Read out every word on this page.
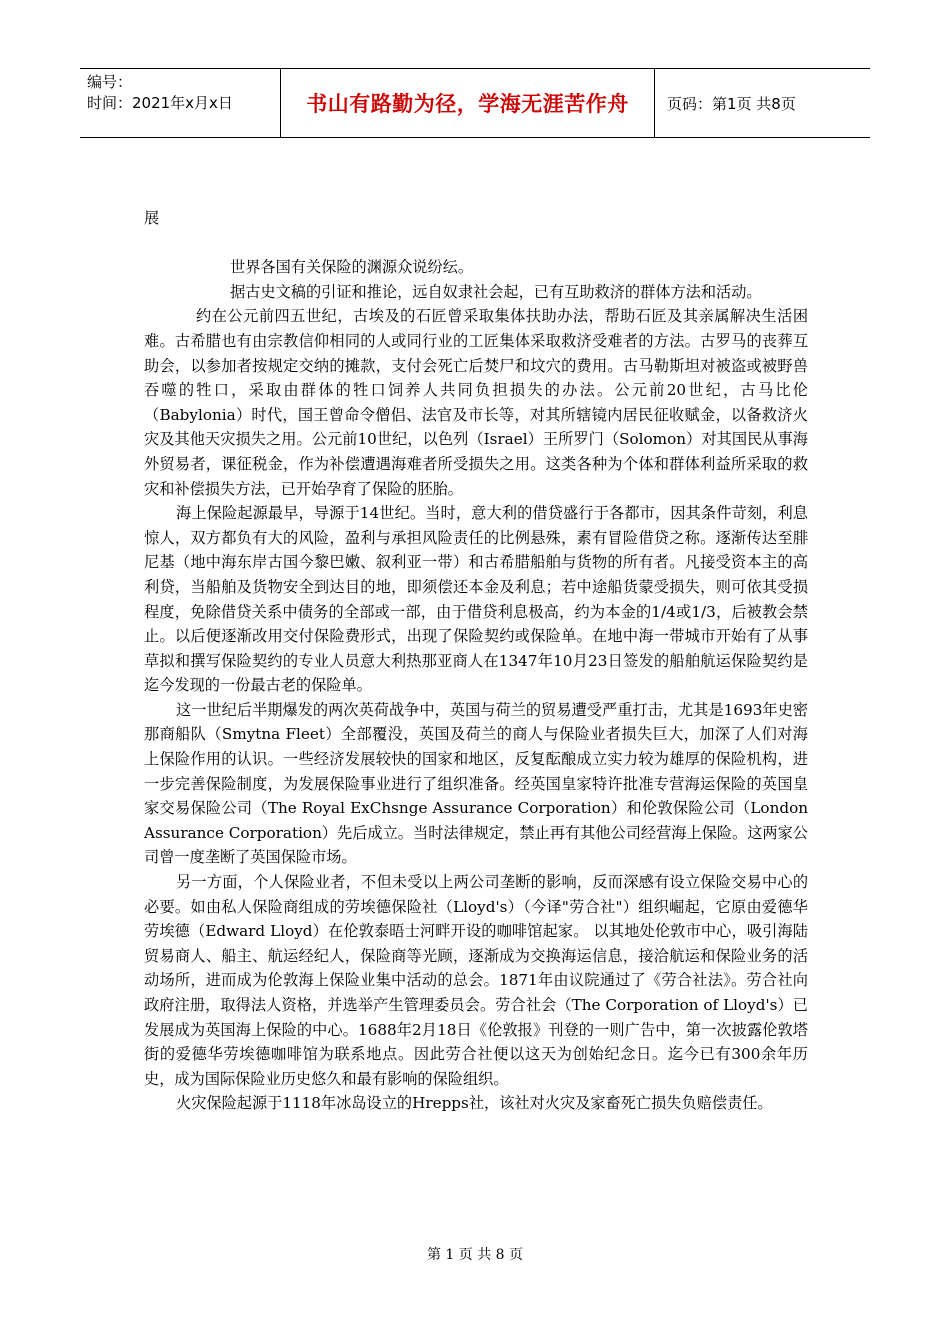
编号：
时间：2021年x月x日	书山有路勤为径，学海无涯苦作舟	页码：第1页 共8页

展

世界各国有关保险的渊源众说纷纭。

据古史文稿的引证和推论，远自奴隶社会起，已有互助救济的群体方法和活动。

约在公元前四五世纪，古埃及的石匠曾采取集体扶助办法，帮助石匠及其亲属解决生活困难。古希腊也有由宗教信仰相同的人或同行业的工匠集体采取救济受难者的方法。古罗马的丧葬互助会，以参加者按规定交纳的摊款，支付会死亡后焚尸和坟穴的费用。古马勒斯坦对被盗或被野兽吞噬的牲口，采取由群体的牲口饲养人共同负担损失的办法。公元前20世纪，古马比伦（Babylonia）时代，国王曾命令僧侣、法官及市长等，对其所辖镜内居民征收赋金，以备救济火灾及其他天灾损失之用。公元前10世纪，以色列（Israel）王所罗门（Solomon）对其国民从事海外贸易者，课征税金，作为补偿遭遇海难者所受损失之用。这类各种为个体和群体利益所采取的救灾和补偿损失方法，已开始孕育了保险的胚胎。

海上保险起源最早，导源于14世纪。当时，意大利的借贷盛行于各都市，因其条件苛刻，利息惊人，双方都负有大的风险，盈利与承担风险责任的比例悬殊，素有冒险借贷之称。逐渐传达至腓尼基（地中海东岸古国今黎巴嫩、叙利亚一带）和古希腊船舶与货物的所有者。凡接受资本主的高利贷，当船舶及货物安全到达目的地，即须偿还本金及利息；若中途船货蒙受损失，则可依其受损程度，免除借贷关系中债务的全部或一部，由于借贷利息极高，约为本金的1/4或1/3，后被教会禁止。以后便逐渐改用交付保险费形式，出现了保险契约或保险单。在地中海一带城市开始有了从事草拟和撰写保险契约的专业人员意大利热那亚商人在1347年10月23日签发的船舶航运保险契约是迄今发现的一份最古老的保险单。

这一世纪后半期爆发的两次英荷战争中，英国与荷兰的贸易遭受严重打击，尤其是1693年史密那商船队（Smytna Fleet）全部覆没，英国及荷兰的商人与保险业者损失巨大，加深了人们对海上保险作用的认识。一些经济发展较快的国家和地区，反复酝酿成立实力较为雄厚的保险机构，进一步完善保险制度，为发展保险事业进行了组织准备。经英国皇家特许批准专营海运保险的英国皇家交易保险公司（The Royal ExChsnge Assurance Corporation）和伦敦保险公司（London Assurance Corporation）先后成立。当时法律规定，禁止再有其他公司经营海上保险。这两家公司曾一度垄断了英国保险市场。

另一方面，个人保险业者，不但未受以上两公司垄断的影响，反而深感有设立保险交易中心的必要。如由私人保险商组成的劳埃德保险社（Lloyd's）（今译"劳合社"）组织崛起，它原由爱德华劳埃德（Edward Lloyd）在伦敦泰晤士河畔开设的咖啡馆起家。 以其地处伦敦市中心，吸引海陆贸易商人、船主、航运经纪人，保险商等光顾，逐渐成为交换海运信息，接洽航运和保险业务的活动场所，进而成为伦敦海上保险业集中活动的总会。1871年由议院通过了《劳合社法》。劳合社向政府注册，取得法人资格，并选举产生管理委员会。劳合社会（The Corporation of Lloyd's）已发展成为英国海上保险的中心。1688年2月18日《伦敦报》刊登的一则广告中，第一次披露伦敦塔街的爱德华劳埃德咖啡馆为联系地点。因此劳合社便以这天为创始纪念日。迄今已有300余年历史，成为国际保险业历史悠久和最有影响的保险组织。

火灾保险起源于1118年冰岛设立的Hrepps社，该社对火灾及家畜死亡损失负赔偿责任。

第 1 页 共 8 页
